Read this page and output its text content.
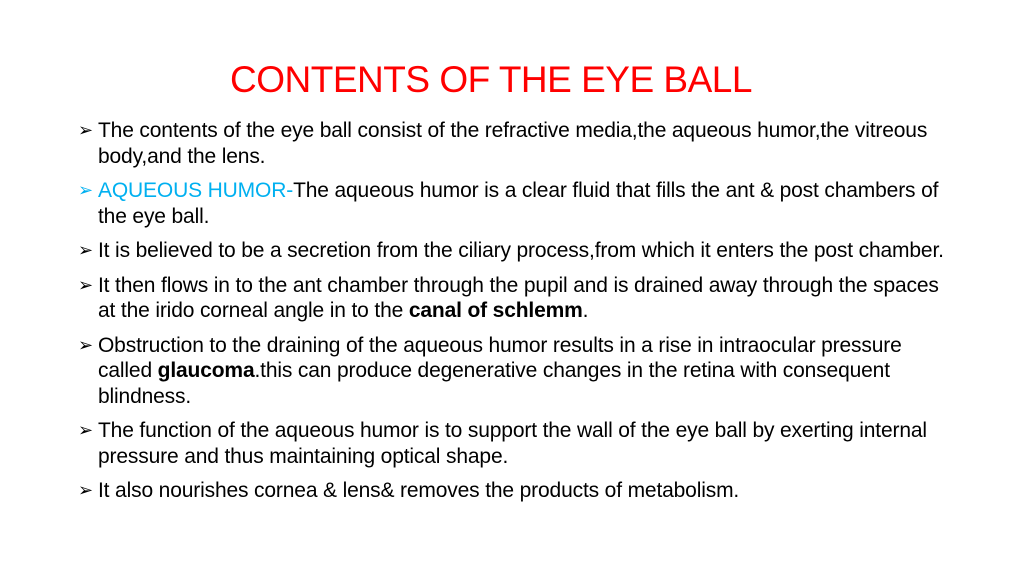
CONTENTS OF THE EYE BALL
➢ The contents of the eye ball consist of the refractive media,the aqueous humor,the vitreous body,and the lens.
➢ AQUEOUS HUMOR-The aqueous humor is a clear fluid that fills the ant & post chambers of the eye ball.
➢ It is believed to be a secretion from the ciliary process,from which it enters the post chamber.
➢ It then flows in to the ant chamber through the pupil and is drained away through the spaces at the irido corneal angle in to the canal of schlemm.
➢ Obstruction to the draining of the aqueous humor results in a rise in intraocular pressure called glaucoma.this can produce degenerative changes in the retina with consequent blindness.
➢ The function of the aqueous humor is to support the wall of the eye ball by exerting internal pressure and thus maintaining optical shape.
➢ It also nourishes cornea & lens& removes the products of metabolism.
